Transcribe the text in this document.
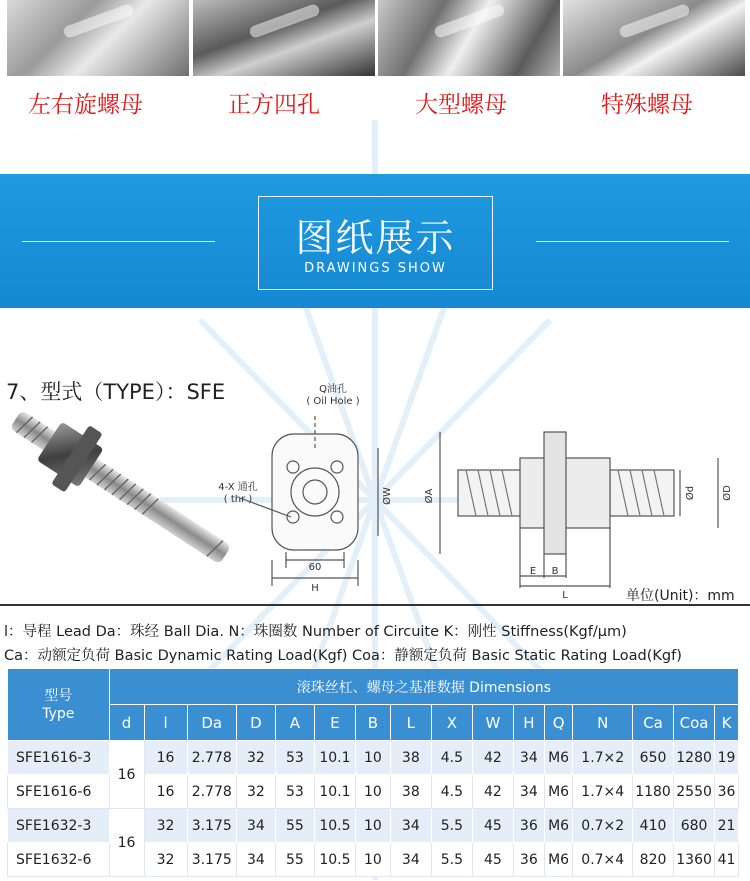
左右旋螺母	正方四孔	大型螺母	特殊螺母
图纸展示
DRAWINGS SHOW
7、型式（TYPE）：SFE	Q油孔
( Oil Hole )
4-X 通孔
( thr )
60
H
ØW	ØA	Ød	ØD
E B
L	单位(Unit)：mm
l：导程 Lead Da：珠经 Ball Dia. N：珠圈数 Number of Circuite K：刚性 Stiffness(Kgf/μm)
Ca：动额定负荷 Basic Dynamic Rating Load(Kgf) Coa：静额定负荷 Basic Static Rating Load(Kgf)
型号
Type	滚珠丝杠、螺母之基准数据 Dimensions															
	d	l	Da	D	A	E	B	L	X	W	H	Q	N	Ca	Coa	K
SFE1616-3	16	16	2.778	32	53	10.1	10	38	4.5	42	34	M6	1.7×2	650	1280	19
SFE1616-6		16	2.778	32	53	10.1	10	38	4.5	42	34	M6	1.7×4	1180	2550	36
SFE1632-3	16	32	3.175	34	55	10.5	10	34	5.5	45	36	M6	0.7×2	410	680	21
SFE1632-6		32	3.175	34	55	10.5	10	34	5.5	45	36	M6	0.7×4	820	1360	41
